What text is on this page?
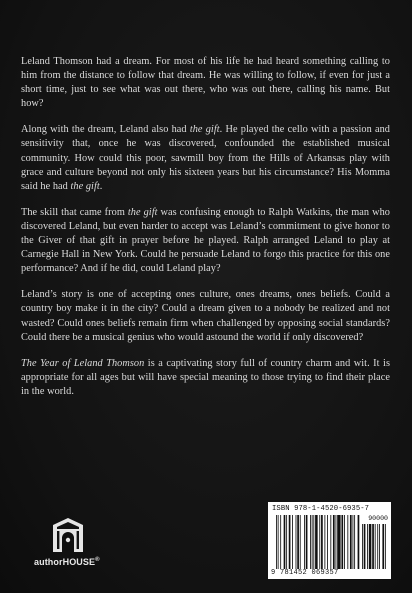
Leland Thomson had a dream. For most of his life he had heard something calling to him from the distance to follow that dream. He was willing to follow, if even for just a short time, just to see what was out there, who was out there, calling his name. But how?

Along with the dream, Leland also had the gift. He played the cello with a passion and sensitivity that, once he was discovered, confounded the established musical community. How could this poor, sawmill boy from the Hills of Arkansas play with grace and culture beyond not only his sixteen years but his circumstance? His Momma said he had the gift.

The skill that came from the gift was confusing enough to Ralph Watkins, the man who discovered Leland, but even harder to accept was Leland’s commitment to give honor to the Giver of that gift in prayer before he played. Ralph arranged Leland to play at Carnegie Hall in New York. Could he persuade Leland to forgo this practice for this one performance? And if he did, could Leland play?

Leland’s story is one of accepting ones culture, ones dreams, ones beliefs. Could a country boy make it in the city? Could a dream given to a nobody be realized and not wasted? Could ones beliefs remain firm when challenged by opposing social standards? Could there be a musical genius who would astound the world if only discovered?

The Year of Leland Thomson is a captivating story full of country charm and wit. It is appropriate for all ages but will have special meaning to those trying to find their place in the world.

authorHOUSE®
ISBN 978-1-4520-6935-7
90000
9 781452 069357
